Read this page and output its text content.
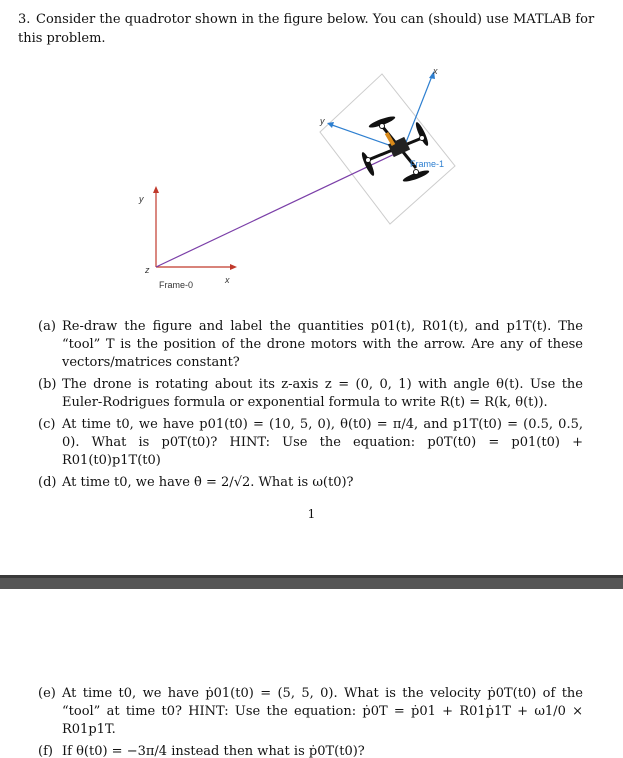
3. Consider the quadrotor shown in the figure below. You can (should) use MATLAB for this problem.
y
x
z
Frame-0
x
y
Frame-1
(a) Re-draw the figure and label the quantities p01(t), R01(t), and p1T(t). The “tool” T is the position of the drone motors with the arrow. Are any of these vectors/matrices constant?
(b) The drone is rotating about its z-axis z = (0, 0, 1) with angle θ(t). Use the Euler-Rodrigues formula or exponential formula to write R(t) = R(k, θ(t)).
(c) At time t0, we have p01(t0) = (10, 5, 0), θ(t0) = π/4, and p1T(t0) = (0.5, 0.5, 0). What is p0T(t0)? HINT: Use the equation: p0T(t0) = p01(t0) + R01(t0)p1T(t0)
(d) At time t0, we have θ̇ = 2/√2. What is ω(t0)?
1
(e) At time t0, we have ṗ01(t0) = (5, 5, 0). What is the velocity ṗ0T(t0) of the “tool” at time t0? HINT: Use the equation: ṗ0T = ṗ01 + R01ṗ1T + ω1/0 × R01p1T.
(f) If θ(t0) = −3π/4 instead then what is ṗ0T(t0)?
